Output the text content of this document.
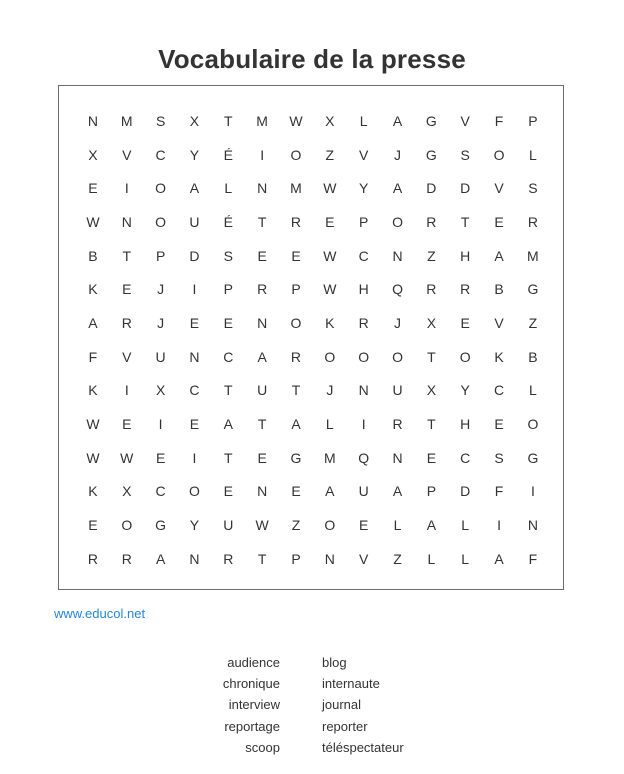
Vocabulaire de la presse
N	M	S	X	T	M	W	X	L	A	G	V	F	P
X	V	C	Y	É	I	O	Z	V	J	G	S	O	L
E	I	O	A	L	N	M	W	Y	A	D	D	V	S
W	N	O	U	É	T	R	E	P	O	R	T	E	R
B	T	P	D	S	E	E	W	C	N	Z	H	A	M
K	E	J	I	P	R	P	W	H	Q	R	R	B	G
A	R	J	E	E	N	O	K	R	J	X	E	V	Z
F	V	U	N	C	A	R	O	O	O	T	O	K	B
K	I	X	C	T	U	T	J	N	U	X	Y	C	L
W	E	I	E	A	T	A	L	I	R	T	H	E	O
W	W	E	I	T	E	G	M	Q	N	E	C	S	G
K	X	C	O	E	N	E	A	U	A	P	D	F	I
E	O	G	Y	U	W	Z	O	E	L	A	L	I	N
R	R	A	N	R	T	P	N	V	Z	L	L	A	F
www.educol.net
audience
chronique
interview
reportage
scoop
blog
internaute
journal
reporter
téléspectateur
